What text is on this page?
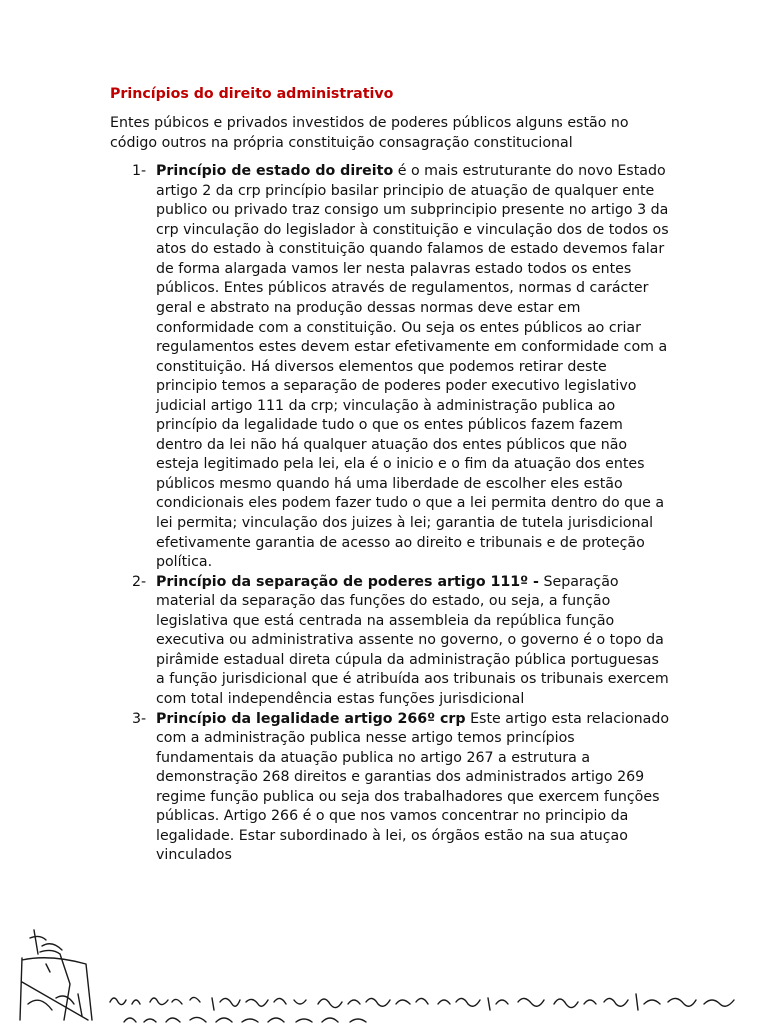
Princípios do direito administrativo

Entes púbicos e privados investidos de poderes públicos alguns estão no código outros na própria constituição consagração constitucional

1- Princípio de estado do direito é o mais estruturante do novo Estado artigo 2 da crp princípio basilar principio de atuação de qualquer ente publico ou privado traz consigo um subprincipio presente no artigo 3 da crp vinculação do legislador à constituição e vinculação dos de todos os atos do estado à constituição quando falamos de estado devemos falar de forma alargada vamos ler nesta palavras estado todos os entes públicos. Entes públicos através de regulamentos, normas d carácter geral e abstrato na produção dessas normas deve estar em conformidade com a constituição. Ou seja os entes públicos ao criar regulamentos estes devem estar efetivamente em conformidade com a constituição. Há diversos elementos que podemos retirar deste principio temos a separação de poderes poder executivo legislativo judicial artigo 111 da crp; vinculação à administração publica ao princípio da legalidade tudo o que os entes públicos fazem fazem dentro da lei não há qualquer atuação dos entes públicos que não esteja legitimado pela lei, ela é o inicio e o fim da atuação dos entes públicos mesmo quando há uma liberdade de escolher eles estão condicionais eles podem fazer tudo o que a lei permita dentro do que a lei permita; vinculação dos juizes à lei; garantia de tutela jurisdicional efetivamente garantia de acesso ao direito e tribunais e de proteção política.
2- Princípio da separação de poderes artigo 111º - Separação material da separação das funções do estado, ou seja, a função legislativa que está centrada na assembleia da república função executiva ou administrativa assente no governo, o governo é o topo da pirâmide estadual direta cúpula da administração pública portuguesas a função jurisdicional que é atribuída aos tribunais os tribunais exercem com total independência estas funções jurisdicional
3- Princípio da legalidade artigo 266º crp Este artigo esta relacionado com a administração publica nesse artigo temos princípios fundamentais da atuação publica no artigo 267 a estrutura a demonstração 268 direitos e garantias dos administrados artigo 269 regime função publica ou seja dos trabalhadores que exercem funções públicas. Artigo 266 é o que nos vamos concentrar no principio da legalidade. Estar subordinado à lei, os órgãos estão na sua atuçao vinculados
